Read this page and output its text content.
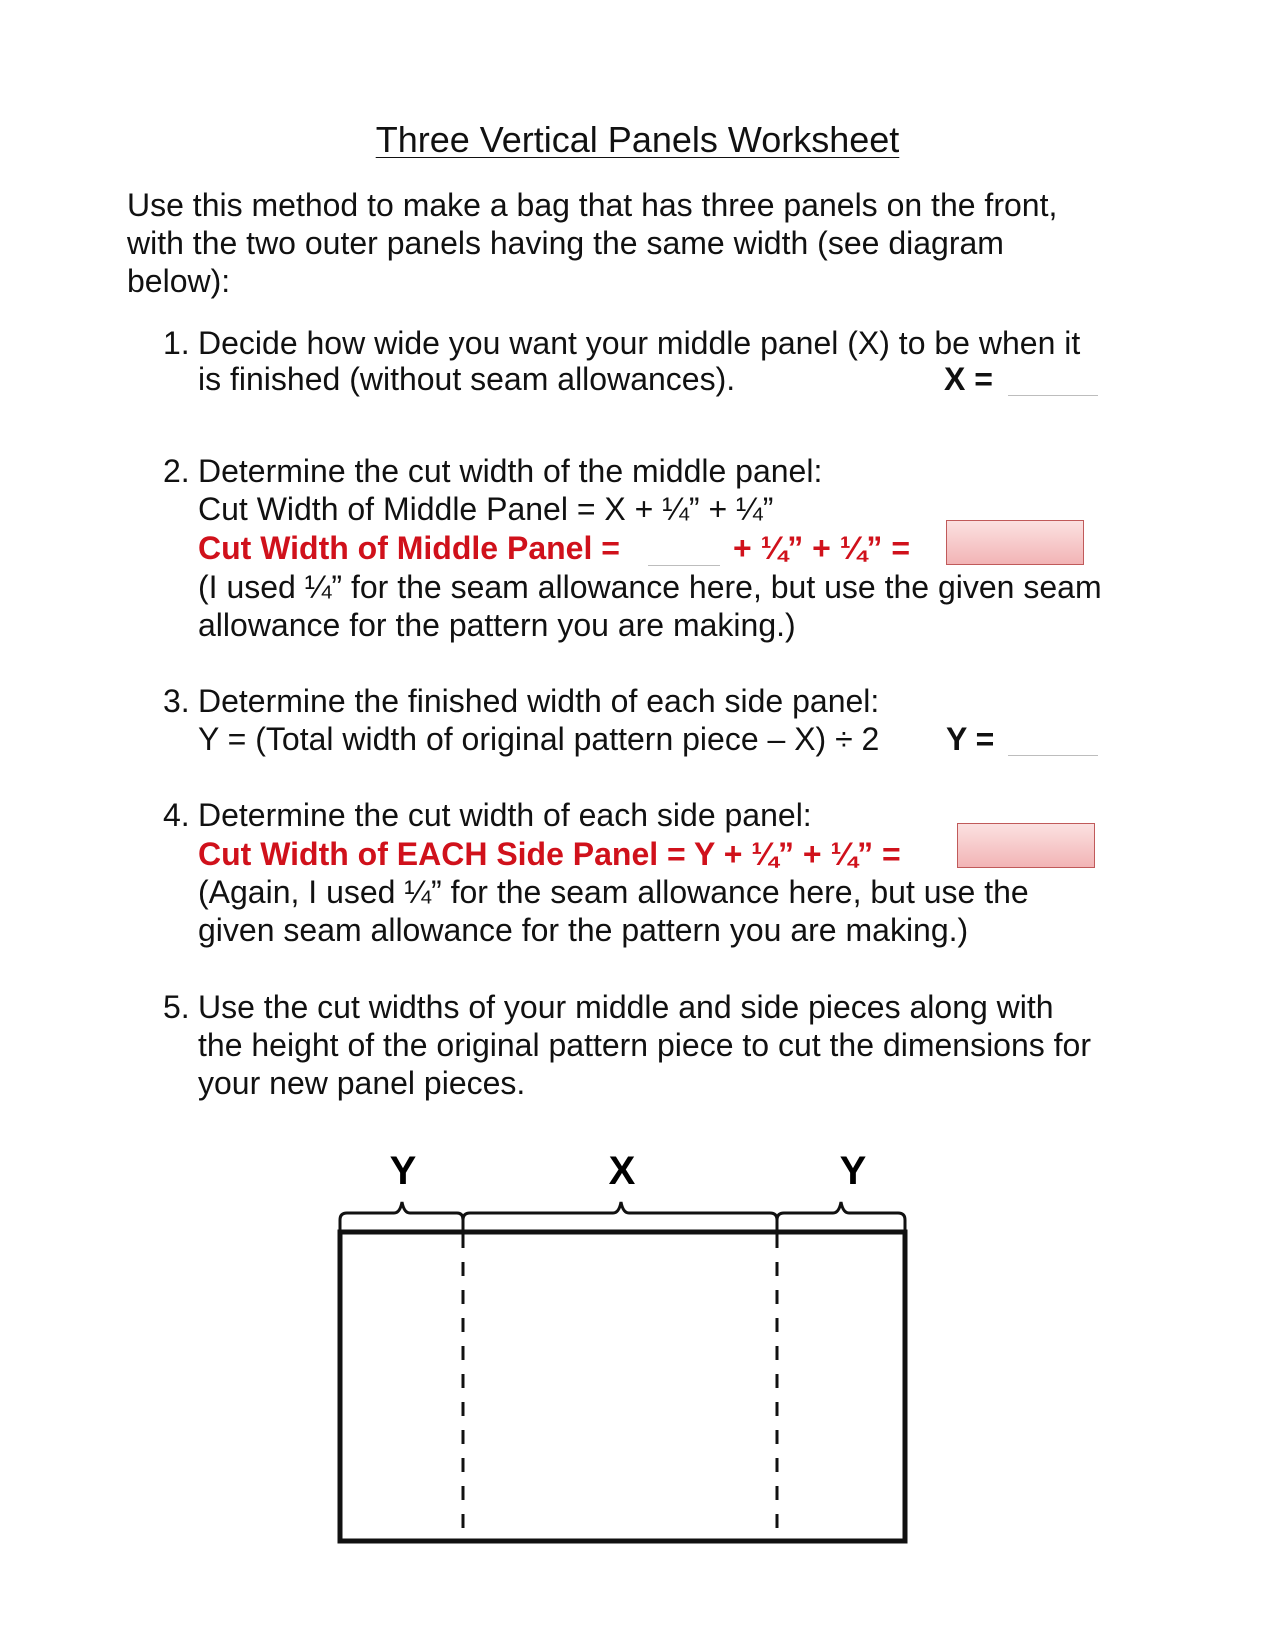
Three Vertical Panels Worksheet
Use this method to make a bag that has three panels on the front,
with the two outer panels having the same width (see diagram
below):
1. Decide how wide you want your middle panel (X) to be when it
is finished (without seam allowances).	X =
2. Determine the cut width of the middle panel:
Cut Width of Middle Panel = X + ¼” + ¼”
Cut Width of Middle Panel =	+ ¼” + ¼” =
(I used ¼” for the seam allowance here, but use the given seam
allowance for the pattern you are making.)
3. Determine the finished width of each side panel:
Y = (Total width of original pattern piece – X) ÷ 2 Y =
4. Determine the cut width of each side panel:
Cut Width of EACH Side Panel = Y + ¼” + ¼” =
(Again, I used ¼” for the seam allowance here, but use the
given seam allowance for the pattern you are making.)
5. Use the cut widths of your middle and side pieces along with
the height of the original pattern piece to cut the dimensions for
your new panel pieces.
Y	X	Y
